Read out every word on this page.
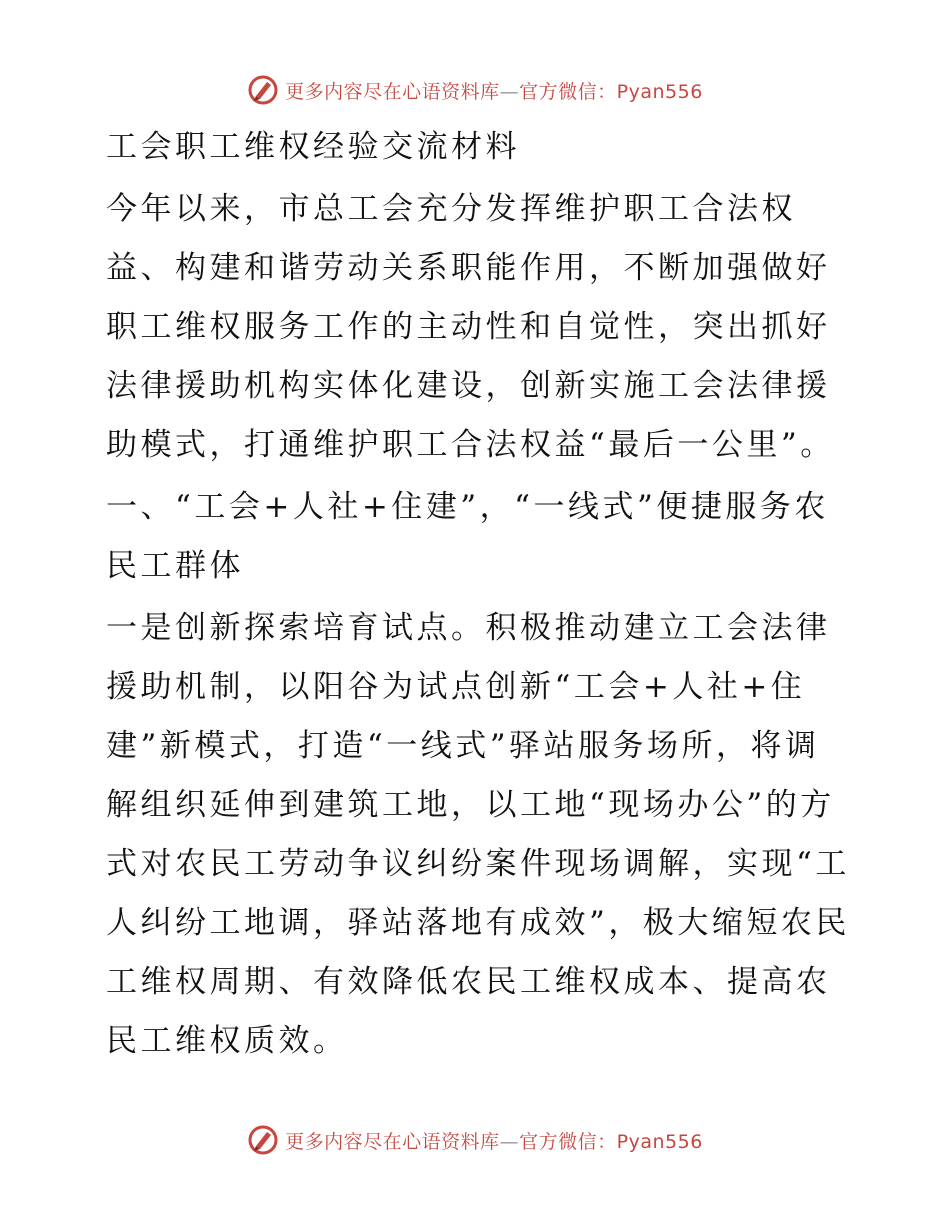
更多内容尽在心语资料库—官方微信：Pyan556

工会职工维权经验交流材料

今年以来，市总工会充分发挥维护职工合法权益、构建和谐劳动关系职能作用，不断加强做好职工维权服务工作的主动性和自觉性，突出抓好法律援助机构实体化建设，创新实施工会法律援助模式，打通维护职工合法权益“最后一公里”。

一、“工会+人社+住建”，“一线式”便捷服务农民工群体

一是创新探索培育试点。积极推动建立工会法律援助机制，以阳谷为试点创新“工会+人社+住建”新模式，打造“一线式”驿站服务场所，将调解组织延伸到建筑工地，以工地“现场办公”的方式对农民工劳动争议纠纷案件现场调解，实现“工人纠纷工地调，驿站落地有成效”，极大缩短农民工维权周期、有效降低农民工维权成本、提高农民工维权质效。

更多内容尽在心语资料库—官方微信：Pyan556
